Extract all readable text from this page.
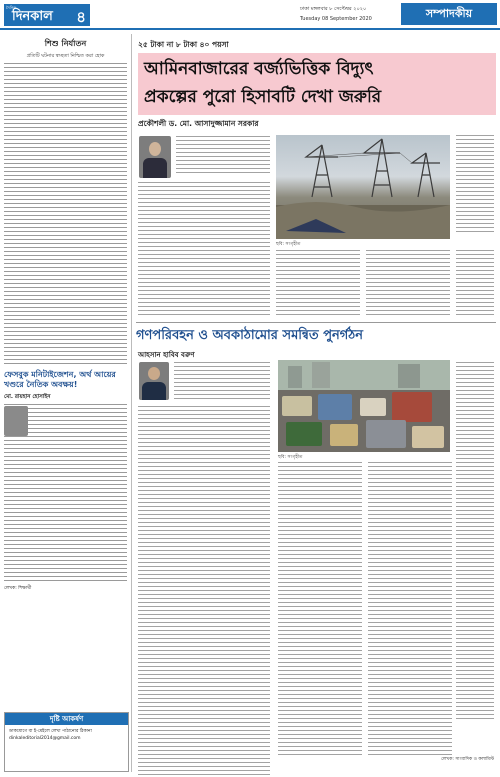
দৈনিক
দিনকাল ৪	ঢাকা মঙ্গলবার ৮ সেপ্টেম্বর ২০২০
Tuesday 08 September 2020	সম্পাদকীয়
শিশু নির্যাতন
প্রতিটি ঘটনার স্বচ্ছতা নিশ্চিত করা হোক
ফেসবুক মনিটাইজেশন, অর্থ আয়ের খণ্ডরে নৈতিক অবক্ষয়!
মো. রায়হান হোসাইন
লেখক: শিক্ষার্থী
দৃষ্টি আকর্ষণ
ডাকযোগে বা ই-মেইলে লেখা পাঠানোর ঠিকানা
dinkaleditorial2014@gmail.com
২৫ টাকা না ৮ টাকা ৪০ পয়সা
আমিনবাজারের বর্জ্যভিত্তিক বিদ্যুৎ
প্রকল্পের পুরো হিসাবটি দেখা জরুরি
প্রকৌশলী ড. মো. আসাদুজ্জামান সরকার
ছবি: সংগৃহীত
গণপরিবহন ও অবকাঠামোর সমন্বিত পুনর্গঠন
আহসান হাবিব বরুণ
ছবি: সংগৃহীত
লেখক: সাংবাদিক ও কলামিস্ট
